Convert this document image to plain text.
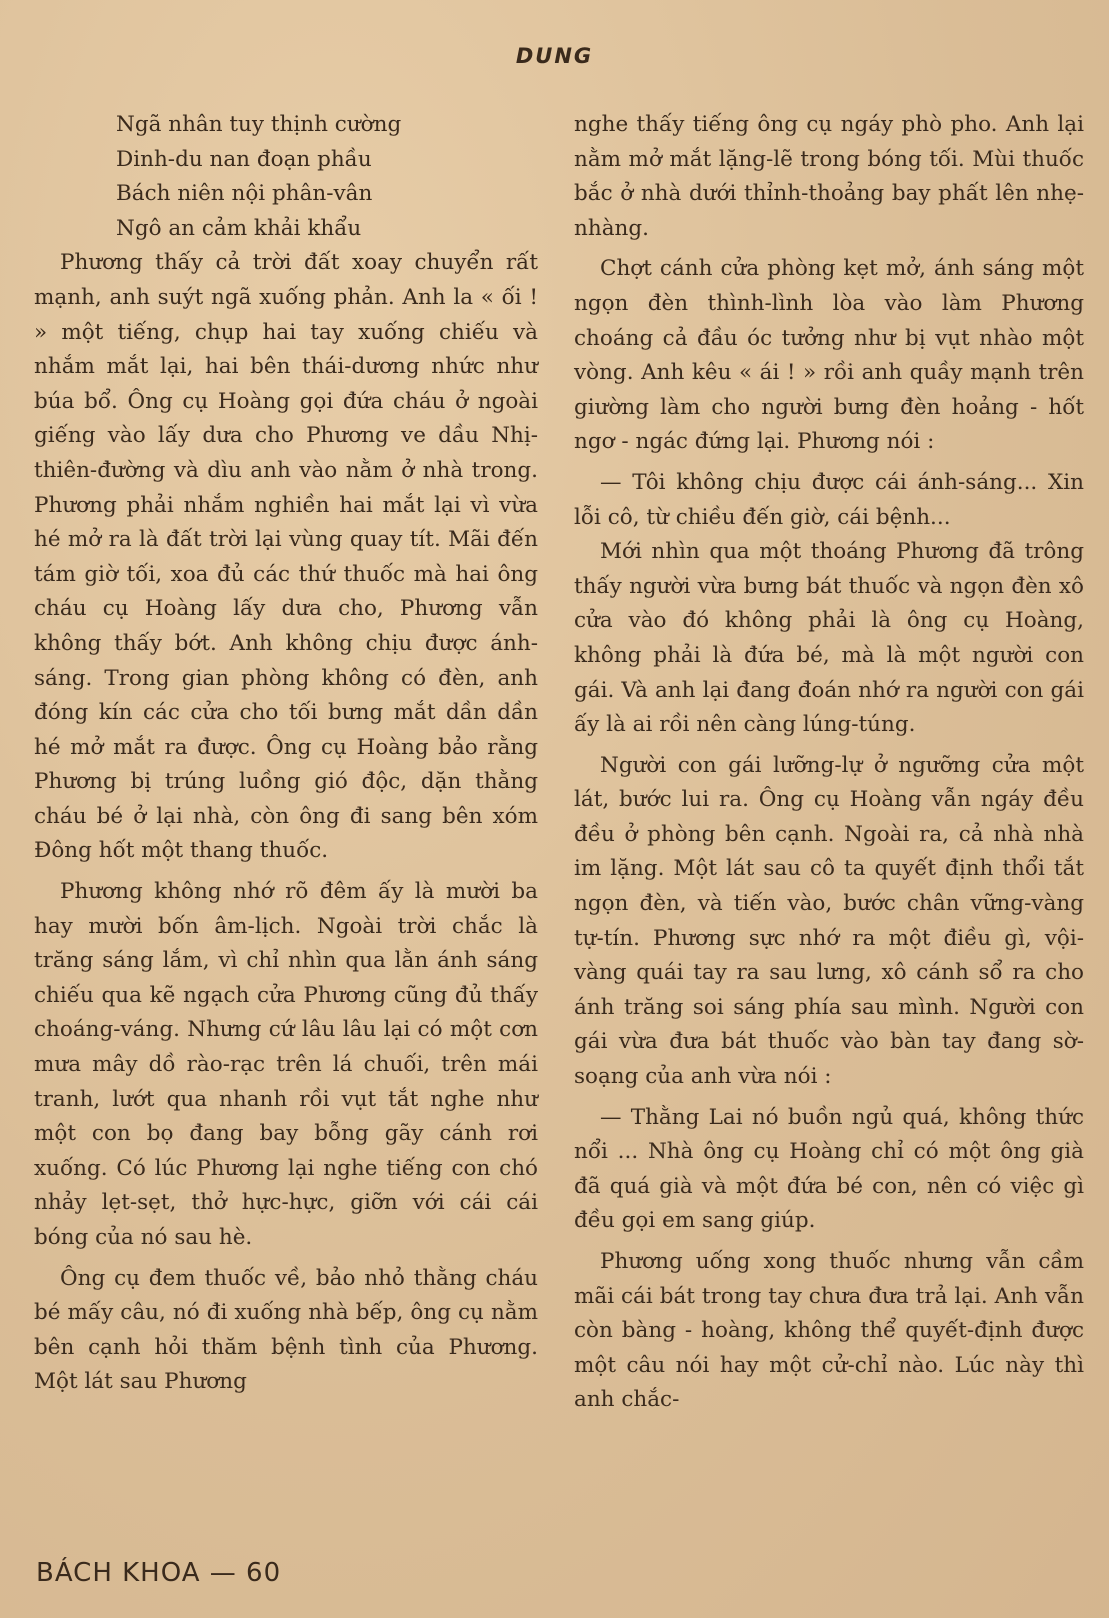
DUNG
Ngã nhân tuy thịnh cường
Dinh-du nan đoạn phầu
Bách niên nội phân-vân
Ngô an cảm khải khẩu

Phương thấy cả trời đất xoay chuyển rất mạnh, anh suýt ngã xuống phản. Anh la « ối ! » một tiếng, chụp hai tay xuống chiếu và nhắm mắt lại, hai bên thái-dương nhức như búa bổ. Ông cụ Hoàng gọi đứa cháu ở ngoài giếng vào lấy dưa cho Phương ve dầu Nhị-thiên-đường và dìu anh vào nằm ở nhà trong. Phương phải nhắm nghiền hai mắt lại vì vừa hé mở ra là đất trời lại vùng quay tít. Mãi đến tám giờ tối, xoa đủ các thứ thuốc mà hai ông cháu cụ Hoàng lấy dưa cho, Phương vẫn không thấy bớt. Anh không chịu được ánh-sáng. Trong gian phòng không có đèn, anh đóng kín các cửa cho tối bưng mắt dần dần hé mở mắt ra được. Ông cụ Hoàng bảo rằng Phương bị trúng luồng gió độc, dặn thằng cháu bé ở lại nhà, còn ông đi sang bên xóm Đông hốt một thang thuốc.

Phương không nhớ rõ đêm ấy là mười ba hay mười bốn âm-lịch. Ngoài trời chắc là trăng sáng lắm, vì chỉ nhìn qua lằn ánh sáng chiếu qua kẽ ngạch cửa Phương cũng đủ thấy choáng-váng. Nhưng cứ lâu lâu lại có một cơn mưa mây dồ rào-rạc trên lá chuối, trên mái tranh, lướt qua nhanh rồi vụt tắt nghe như một con bọ đang bay bỗng gãy cánh rơi xuống. Có lúc Phương lại nghe tiếng con chó nhảy lẹt-sẹt, thở hực-hực, giỡn với cái cái bóng của nó sau hè.

Ông cụ đem thuốc về, bảo nhỏ thằng cháu bé mấy câu, nó đi xuống nhà bếp, ông cụ nằm bên cạnh hỏi thăm bệnh tình của Phương. Một lát sau Phương

nghe thấy tiếng ông cụ ngáy phò pho. Anh lại nằm mở mắt lặng-lẽ trong bóng tối. Mùi thuốc bắc ở nhà dưới thỉnh-thoảng bay phất lên nhẹ-nhàng.

Chợt cánh cửa phòng kẹt mở, ánh sáng một ngọn đèn thình-lình lòa vào làm Phương choáng cả đầu óc tưởng như bị vụt nhào một vòng. Anh kêu « ái ! » rồi anh quầy mạnh trên giường làm cho người bưng đèn hoảng - hốt ngơ - ngác đứng lại. Phương nói :

— Tôi không chịu được cái ánh-sáng... Xin lỗi cô, từ chiều đến giờ, cái bệnh...

Mới nhìn qua một thoáng Phương đã trông thấy người vừa bưng bát thuốc và ngọn đèn xô cửa vào đó không phải là ông cụ Hoàng, không phải là đứa bé, mà là một người con gái. Và anh lại đang đoán nhớ ra người con gái ấy là ai rồi nên càng lúng-túng.

Người con gái lưỡng-lự ở ngưỡng cửa một lát, bước lui ra. Ông cụ Hoàng vẫn ngáy đều đều ở phòng bên cạnh. Ngoài ra, cả nhà nhà im lặng. Một lát sau cô ta quyết định thổi tắt ngọn đèn, và tiến vào, bước chân vững-vàng tự-tín. Phương sực nhớ ra một điều gì, vội-vàng quái tay ra sau lưng, xô cánh sổ ra cho ánh trăng soi sáng phía sau mình. Người con gái vừa đưa bát thuốc vào bàn tay đang sờ-soạng của anh vừa nói :

— Thằng Lai nó buồn ngủ quá, không thức nổi ... Nhà ông cụ Hoàng chỉ có một ông già đã quá già và một đứa bé con, nên có việc gì đều gọi em sang giúp.

Phương uống xong thuốc nhưng vẫn cầm mãi cái bát trong tay chưa đưa trả lại. Anh vẫn còn bàng - hoàng, không thể quyết-định được một câu nói hay một cử-chỉ nào. Lúc này thì anh chắc-

BÁCH KHOA — 60
